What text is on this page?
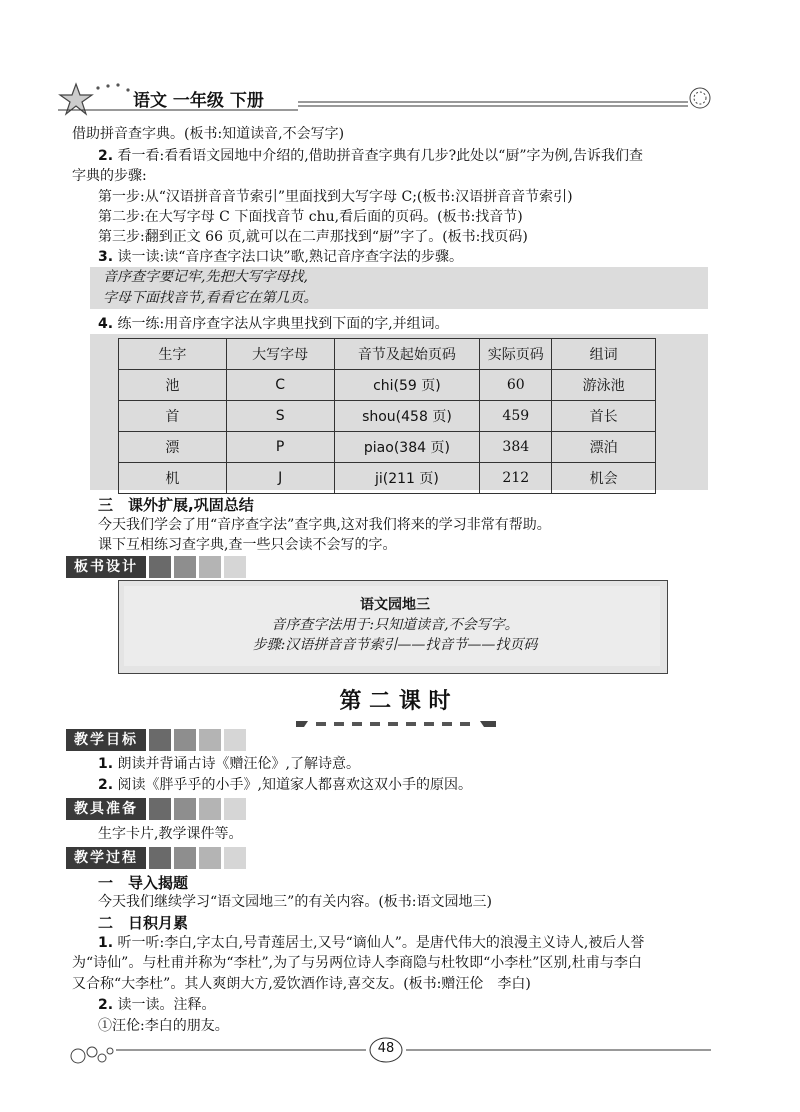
语文 一年级 下册
借助拼音查字典。(板书:知道读音,不会写字)
2. 看一看:看看语文园地中介绍的,借助拼音查字典有几步?此处以“厨”字为例,告诉我们查
字典的步骤:
第一步:从“汉语拼音音节索引”里面找到大写字母 C;(板书:汉语拼音音节索引)
第二步:在大写字母 C 下面找音节 chu,看后面的页码。(板书:找音节)
第三步:翻到正文 66 页,就可以在二声那找到“厨”字了。(板书:找页码)
3. 读一读:读“音序查字法口诀”歌,熟记音序查字法的步骤。
音序查字要记牢,先把大写字母找,
字母下面找音节,看看它在第几页。
4. 练一练:用音序查字法从字典里找到下面的字,并组词。
生字	大写字母	音节及起始页码	实际页码	组词
池	C	chi(59 页)	60	游泳池
首	S	shou(458 页)	459	首长
漂	P	piao(384 页)	384	漂泊
机	J	ji(211 页)	212	机会
三　课外扩展,巩固总结
今天我们学会了用“音序查字法”查字典,这对我们将来的学习非常有帮助。
课下互相练习查字典,查一些只会读不会写的字。
板书设计
语文园地三
音序查字法用于:只知道读音,不会写字。
步骤:汉语拼音音节索引——找音节——找页码
第 二 课 时
教学目标
1. 朗读并背诵古诗《赠汪伦》,了解诗意。
2. 阅读《胖乎乎的小手》,知道家人都喜欢这双小手的原因。
教具准备
生字卡片,教学课件等。
教学过程
一　导入揭题
今天我们继续学习“语文园地三”的有关内容。(板书:语文园地三)
二　日积月累
1. 听一听:李白,字太白,号青莲居士,又号“谪仙人”。是唐代伟大的浪漫主义诗人,被后人誉
为“诗仙”。与杜甫并称为“李杜”,为了与另两位诗人李商隐与杜牧即“小李杜”区别,杜甫与李白
又合称“大李杜”。其人爽朗大方,爱饮酒作诗,喜交友。(板书:赠汪伦　李白)
2. 读一读。注释。
①汪伦:李白的朋友。
48
